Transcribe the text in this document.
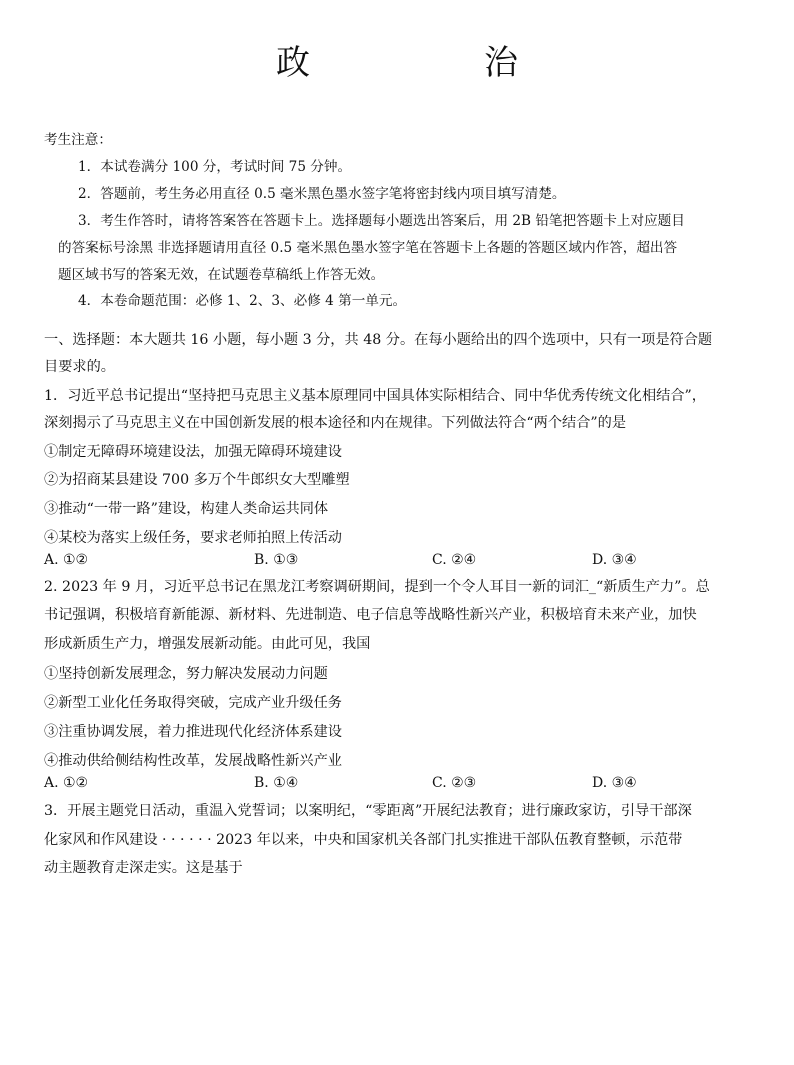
政　治
考生注意：
1．本试卷满分 100 分，考试时间 75 分钟。
2．答题前，考生务必用直径 0.5 毫米黑色墨水签字笔将密封线内项目填写清楚。
3．考生作答时，请将答案答在答题卡上。选择题每小题选出答案后，用 2B 铅笔把答题卡上对应题目
的答案标号涂黑 非选择题请用直径 0.5 毫米黑色墨水签字笔在答题卡上各题的答题区域内作答，超出答
题区域书写的答案无效，在试题卷草稿纸上作答无效。
4．本卷命题范围：必修 1、2、3、必修 4 第一单元。
一、选择题：本大题共 16 小题，每小题 3 分，共 48 分。在每小题给出的四个选项中，只有一项是符合题
目要求的。
1．习近平总书记提出“坚持把马克思主义基本原理同中国具体实际相结合、同中华优秀传统文化相结合”，
深刻揭示了马克思主义在中国创新发展的根本途径和内在规律。下列做法符合“两个结合”的是
①制定无障碍环境建设法，加强无障碍环境建设
②为招商某县建设 700 多万个牛郎织女大型雕塑
③推动“一带一路”建设，构建人类命运共同体
④某校为落实上级任务，要求老师拍照上传活动
A. ①②	B. ①③	C. ②④	D. ③④
2. 2023 年 9 月，习近平总书记在黑龙江考察调研期间，提到一个令人耳目一新的词汇_“新质生产力”。总
书记强调，积极培育新能源、新材料、先进制造、电子信息等战略性新兴产业，积极培育未来产业，加快
形成新质生产力，增强发展新动能。由此可见，我国
①坚持创新发展理念，努力解决发展动力问题
②新型工业化任务取得突破，完成产业升级任务
③注重协调发展，着力推进现代化经济体系建设
④推动供给侧结构性改革，发展战略性新兴产业
A. ①②	B. ①④	C. ②③	D. ③④
3．开展主题党日活动，重温入党誓词；以案明纪，“零距离”开展纪法教育；进行廉政家访，引导干部深
化家风和作风建设 · · · · · · 2023 年以来，中央和国家机关各部门扎实推进干部队伍教育整顿，示范带
动主题教育走深走实。这是基于
